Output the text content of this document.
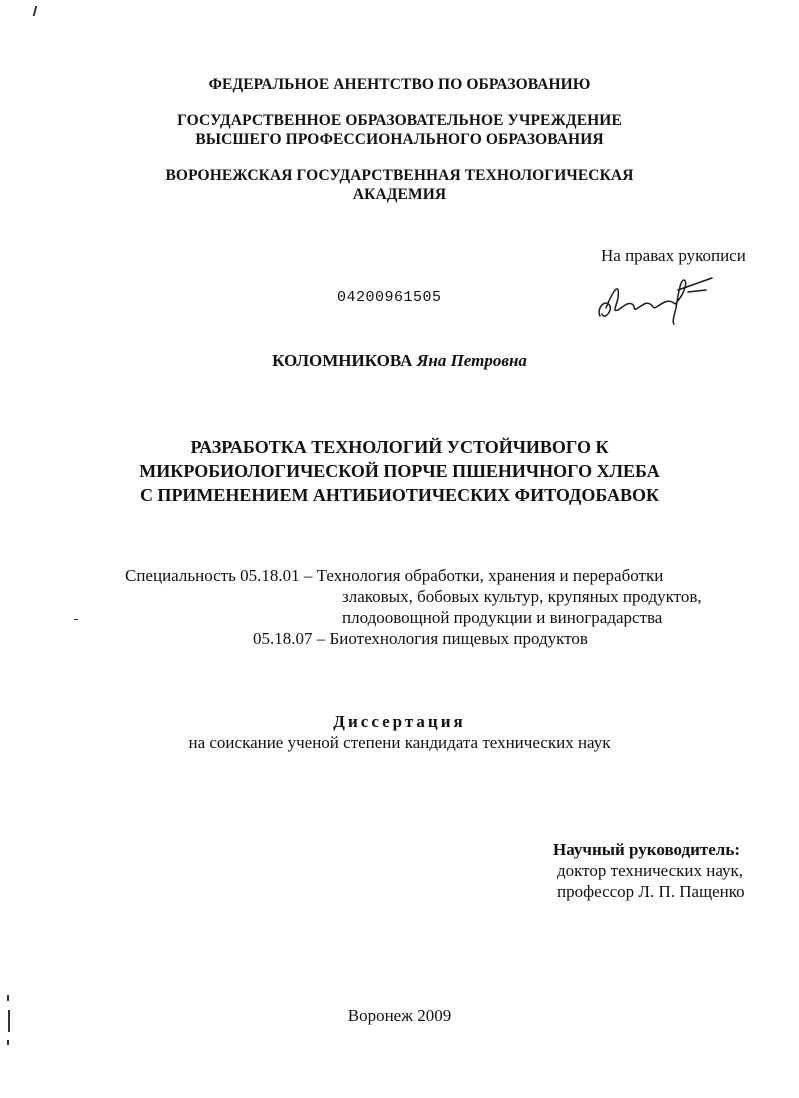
ФЕДЕРАЛЬНОЕ АНЕНТСТВО ПО ОБРАЗОВАНИЮ
ГОСУДАРСТВЕННОЕ ОБРАЗОВАТЕЛЬНОЕ УЧРЕЖДЕНИЕ
ВЫСШЕГО ПРОФЕССИОНАЛЬНОГО ОБРАЗОВАНИЯ
ВОРОНЕЖСКАЯ ГОСУДАРСТВЕННАЯ ТЕХНОЛОГИЧЕСКАЯ
АКАДЕМИЯ
На правах рукописи
04200961505
КОЛОМНИКОВА Яна Петровна
РАЗРАБОТКА ТЕХНОЛОГИЙ УСТОЙЧИВОГО К
МИКРОБИОЛОГИЧЕСКОЙ ПОРЧЕ ПШЕНИЧНОГО ХЛЕБА
С ПРИМЕНЕНИЕМ АНТИБИОТИЧЕСКИХ ФИТОДОБАВОК
Специальность 05.18.01 – Технология обработки, хранения и переработки
злаковых, бобовых культур, крупяных продуктов,
плодоовощной продукции и виноградарства
05.18.07 – Биотехнология пищевых продуктов
Диссертация
на соискание ученой степени кандидата технических наук
Научный руководитель:
доктор технических наук,
профессор Л. П. Пащенко
Воронеж 2009
